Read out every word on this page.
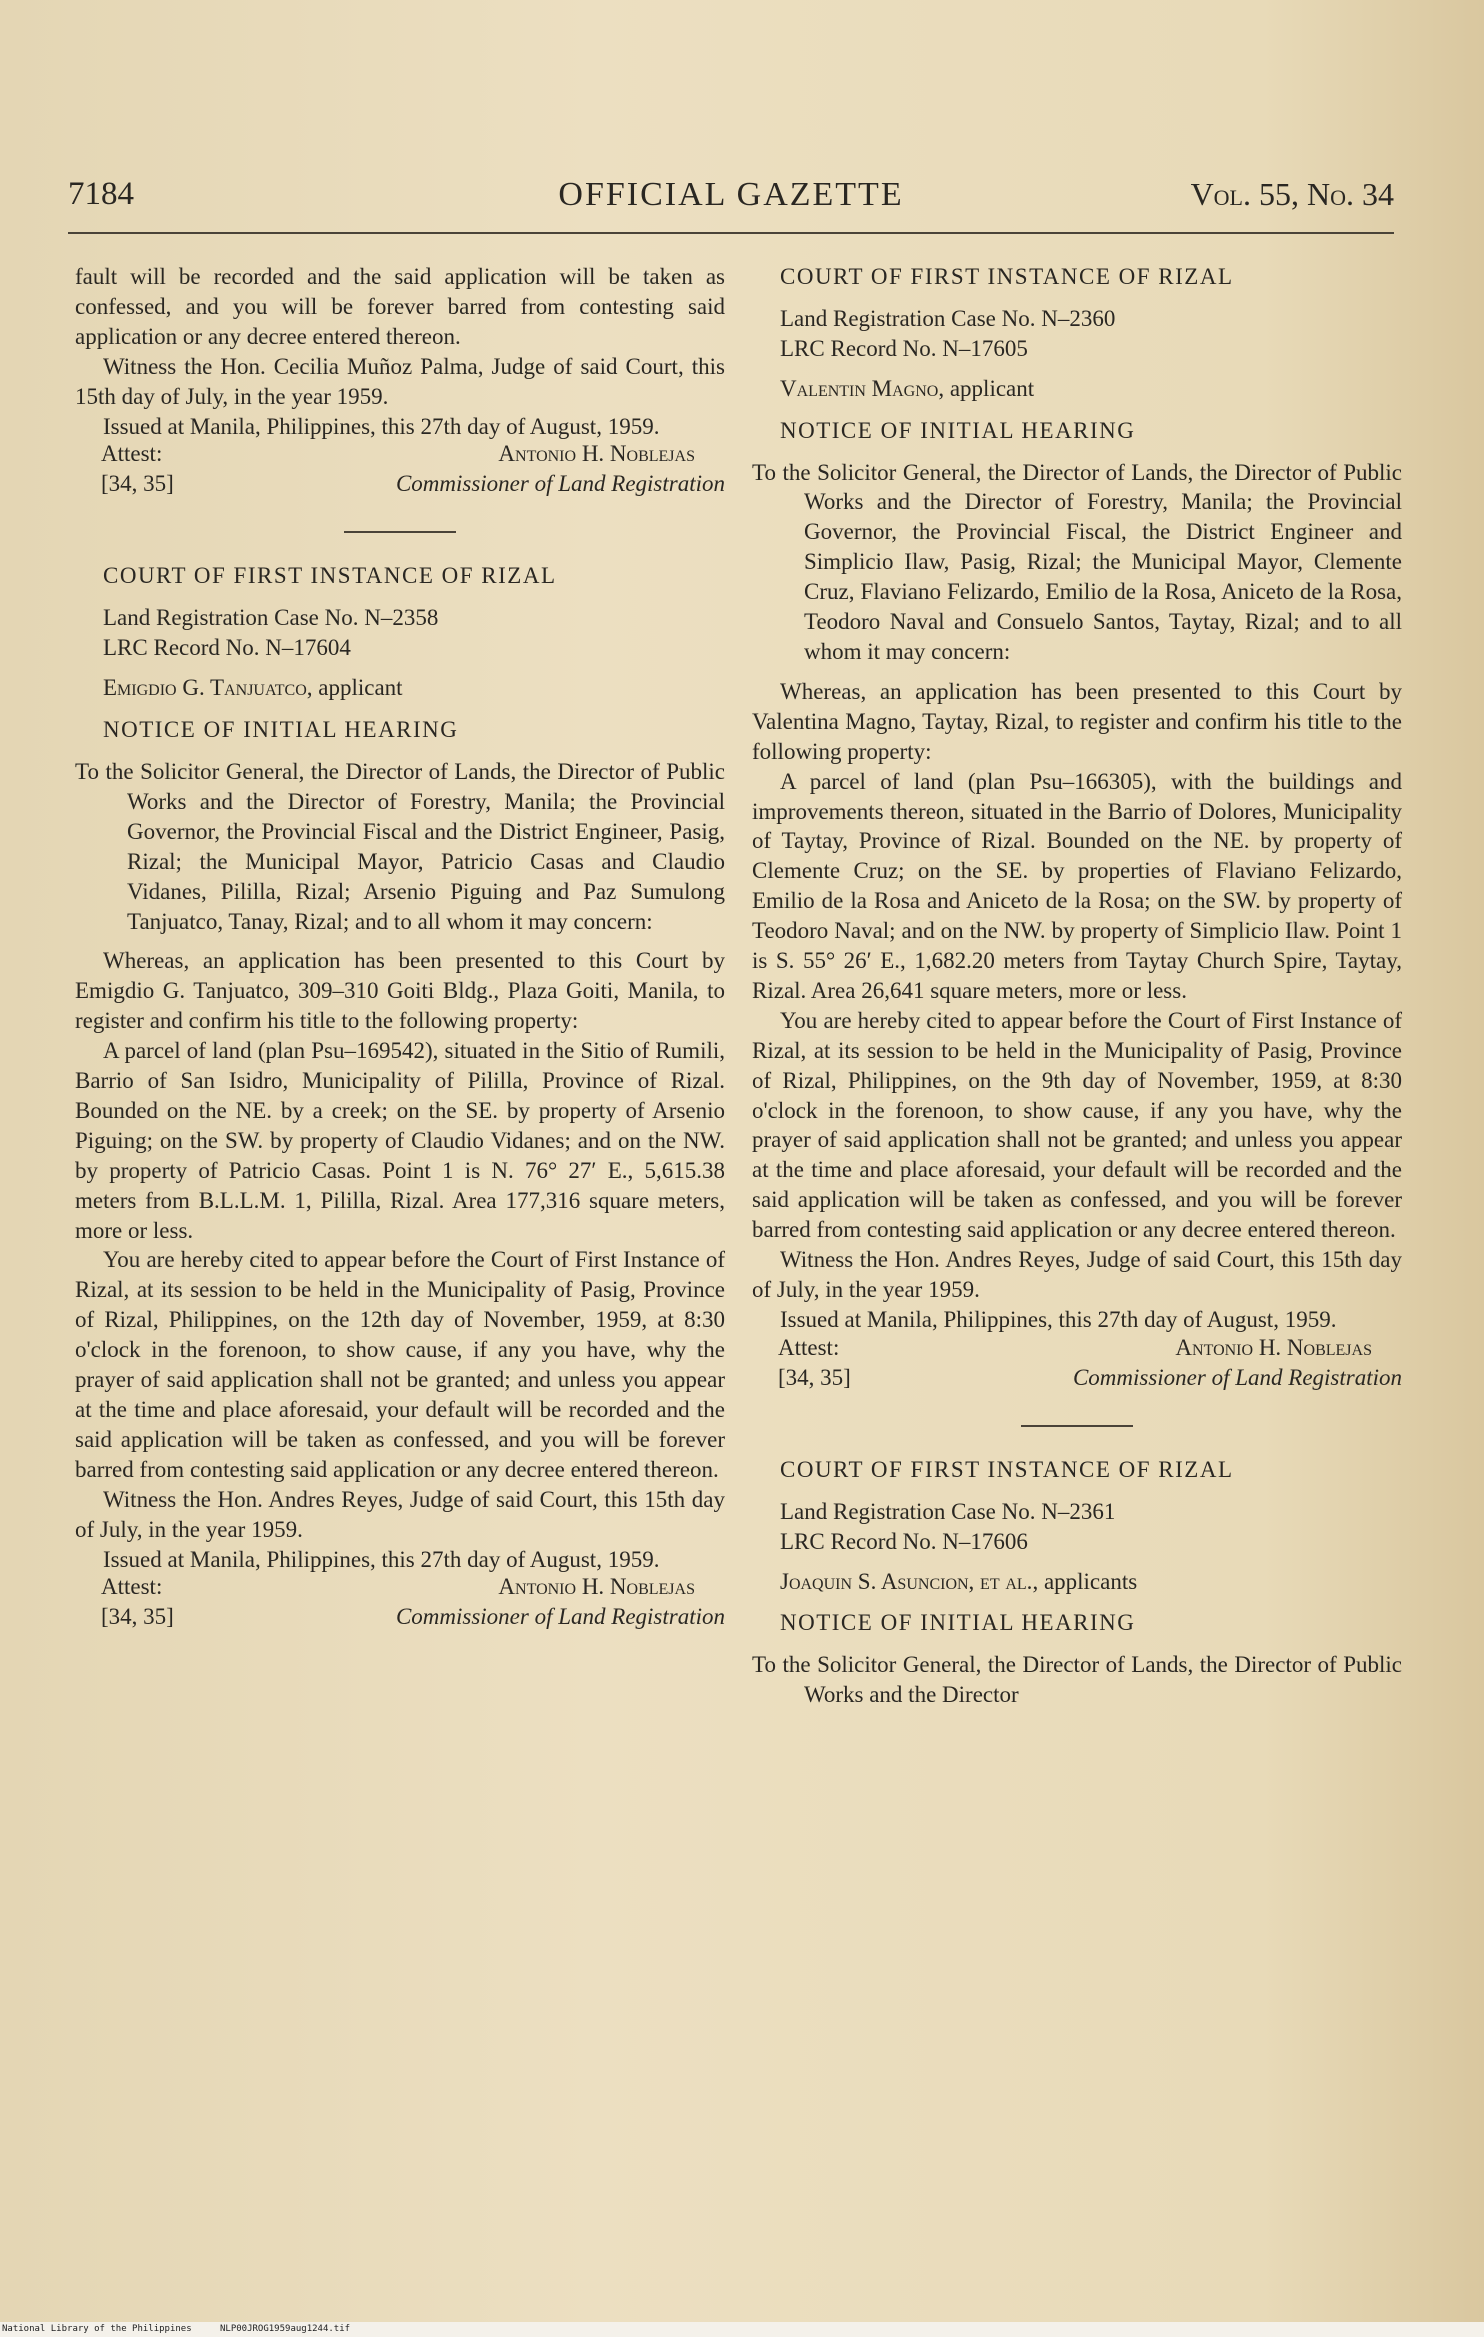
7184	OFFICIAL GAZETTE	Vol. 55, No. 34

fault will be recorded and the said application will be taken as confessed, and you will be forever barred from contesting said application or any decree entered thereon.

Witness the Hon. Cecilia Muñoz Palma, Judge of said Court, this 15th day of July, in the year 1959.

Issued at Manila, Philippines, this 27th day of August, 1959.

Attest:	Antonio H. Noblejas
[34, 35]	Commissioner of Land Registration

COURT OF FIRST INSTANCE OF RIZAL

Land Registration Case No. N–2358

LRC Record No. N–17604

Emigdio G. Tanjuatco, applicant

NOTICE OF INITIAL HEARING

To the Solicitor General, the Director of Lands, the Director of Public Works and the Director of Forestry, Manila; the Provincial Governor, the Provincial Fiscal and the District Engineer, Pasig, Rizal; the Municipal Mayor, Patricio Casas and Claudio Vidanes, Pililla, Rizal; Arsenio Piguing and Paz Sumulong Tanjuatco, Tanay, Rizal; and to all whom it may concern:

Whereas, an application has been presented to this Court by Emigdio G. Tanjuatco, 309–310 Goiti Bldg., Plaza Goiti, Manila, to register and confirm his title to the following property:

A parcel of land (plan Psu–169542), situated in the Sitio of Rumili, Barrio of San Isidro, Municipality of Pililla, Province of Rizal. Bounded on the NE. by a creek; on the SE. by property of Arsenio Piguing; on the SW. by property of Claudio Vidanes; and on the NW. by property of Patricio Casas. Point 1 is N. 76° 27′ E., 5,615.38 meters from B.L.L.M. 1, Pililla, Rizal. Area 177,316 square meters, more or less.

You are hereby cited to appear before the Court of First Instance of Rizal, at its session to be held in the Municipality of Pasig, Province of Rizal, Philippines, on the 12th day of November, 1959, at 8:30 o'clock in the forenoon, to show cause, if any you have, why the prayer of said application shall not be granted; and unless you appear at the time and place aforesaid, your default will be recorded and the said application will be taken as confessed, and you will be forever barred from contesting said application or any decree entered thereon.

Witness the Hon. Andres Reyes, Judge of said Court, this 15th day of July, in the year 1959.

Issued at Manila, Philippines, this 27th day of August, 1959.

Attest:	Antonio H. Noblejas
[34, 35]	Commissioner of Land Registration

COURT OF FIRST INSTANCE OF RIZAL

Land Registration Case No. N–2360

LRC Record No. N–17605

Valentin Magno, applicant

NOTICE OF INITIAL HEARING

To the Solicitor General, the Director of Lands, the Director of Public Works and the Director of Forestry, Manila; the Provincial Governor, the Provincial Fiscal, the District Engineer and Simplicio Ilaw, Pasig, Rizal; the Municipal Mayor, Clemente Cruz, Flaviano Felizardo, Emilio de la Rosa, Aniceto de la Rosa, Teodoro Naval and Consuelo Santos, Taytay, Rizal; and to all whom it may concern:

Whereas, an application has been presented to this Court by Valentina Magno, Taytay, Rizal, to register and confirm his title to the following property:

A parcel of land (plan Psu–166305), with the buildings and improvements thereon, situated in the Barrio of Dolores, Municipality of Taytay, Province of Rizal. Bounded on the NE. by property of Clemente Cruz; on the SE. by properties of Flaviano Felizardo, Emilio de la Rosa and Aniceto de la Rosa; on the SW. by property of Teodoro Naval; and on the NW. by property of Simplicio Ilaw. Point 1 is S. 55° 26′ E., 1,682.20 meters from Taytay Church Spire, Taytay, Rizal. Area 26,641 square meters, more or less.

You are hereby cited to appear before the Court of First Instance of Rizal, at its session to be held in the Municipality of Pasig, Province of Rizal, Philippines, on the 9th day of November, 1959, at 8:30 o'clock in the forenoon, to show cause, if any you have, why the prayer of said application shall not be granted; and unless you appear at the time and place aforesaid, your default will be recorded and the said application will be taken as confessed, and you will be forever barred from contesting said application or any decree entered thereon.

Witness the Hon. Andres Reyes, Judge of said Court, this 15th day of July, in the year 1959.

Issued at Manila, Philippines, this 27th day of August, 1959.

Attest:	Antonio H. Noblejas
[34, 35]	Commissioner of Land Registration

COURT OF FIRST INSTANCE OF RIZAL

Land Registration Case No. N–2361

LRC Record No. N–17606

Joaquin S. Asuncion, et al., applicants

NOTICE OF INITIAL HEARING

To the Solicitor General, the Director of Lands, the Director of Public Works and the Director

National Library of the Philippines	NLP00JROG1959aug1244.tif
